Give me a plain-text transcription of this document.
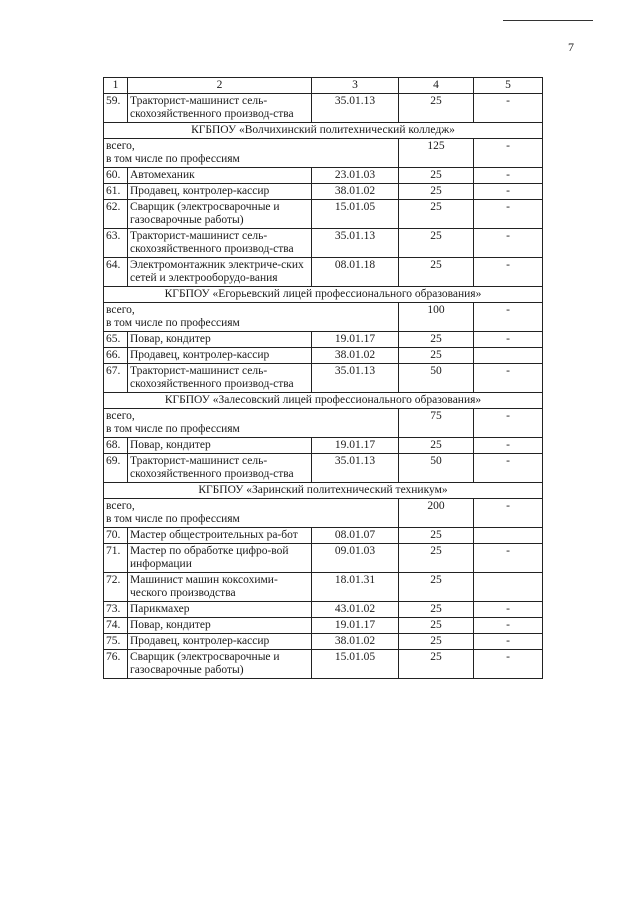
7
1	2	3	4	5
59.	Тракторист-машинист сель-скохозяйственного производ-ства	35.01.13	25	-
КГБПОУ «Волчихинский политехнический колледж»				
всего,
в том числе по профессиям			125	-
60.	Автомеханик	23.01.03	25	-
61.	Продавец, контролер-кассир	38.01.02	25	-
62.	Сварщик (электросварочные и газосварочные работы)	15.01.05	25	-
63.	Тракторист-машинист сель-скохозяйственного производ-ства	35.01.13	25	-
64.	Электромонтажник электриче-ских сетей и электрооборудо-вания	08.01.18	25	-
КГБПОУ «Егорьевский лицей профессионального образования»				
всего,
в том числе по профессиям			100	-
65.	Повар, кондитер	19.01.17	25	-
66.	Продавец, контролер-кассир	38.01.02	25	
67.	Тракторист-машинист сель-скохозяйственного производ-ства	35.01.13	50	-
КГБПОУ «Залесовский лицей профессионального образования»				
всего,
в том числе по профессиям			75	-
68.	Повар, кондитер	19.01.17	25	-
69.	Тракторист-машинист сель-скохозяйственного производ-ства	35.01.13	50	-
КГБПОУ «Заринский политехнический техникум»				
всего,
в том числе по профессиям			200	-
70.	Мастер общестроительных ра-бот	08.01.07	25	
71.	Мастер по обработке цифро-вой информации	09.01.03	25	-
72.	Машинист машин коксохими-ческого производства	18.01.31	25	
73.	Парикмахер	43.01.02	25	-
74.	Повар, кондитер	19.01.17	25	-
75.	Продавец, контролер-кассир	38.01.02	25	-
76.	Сварщик (электросварочные и газосварочные работы)	15.01.05	25	-
